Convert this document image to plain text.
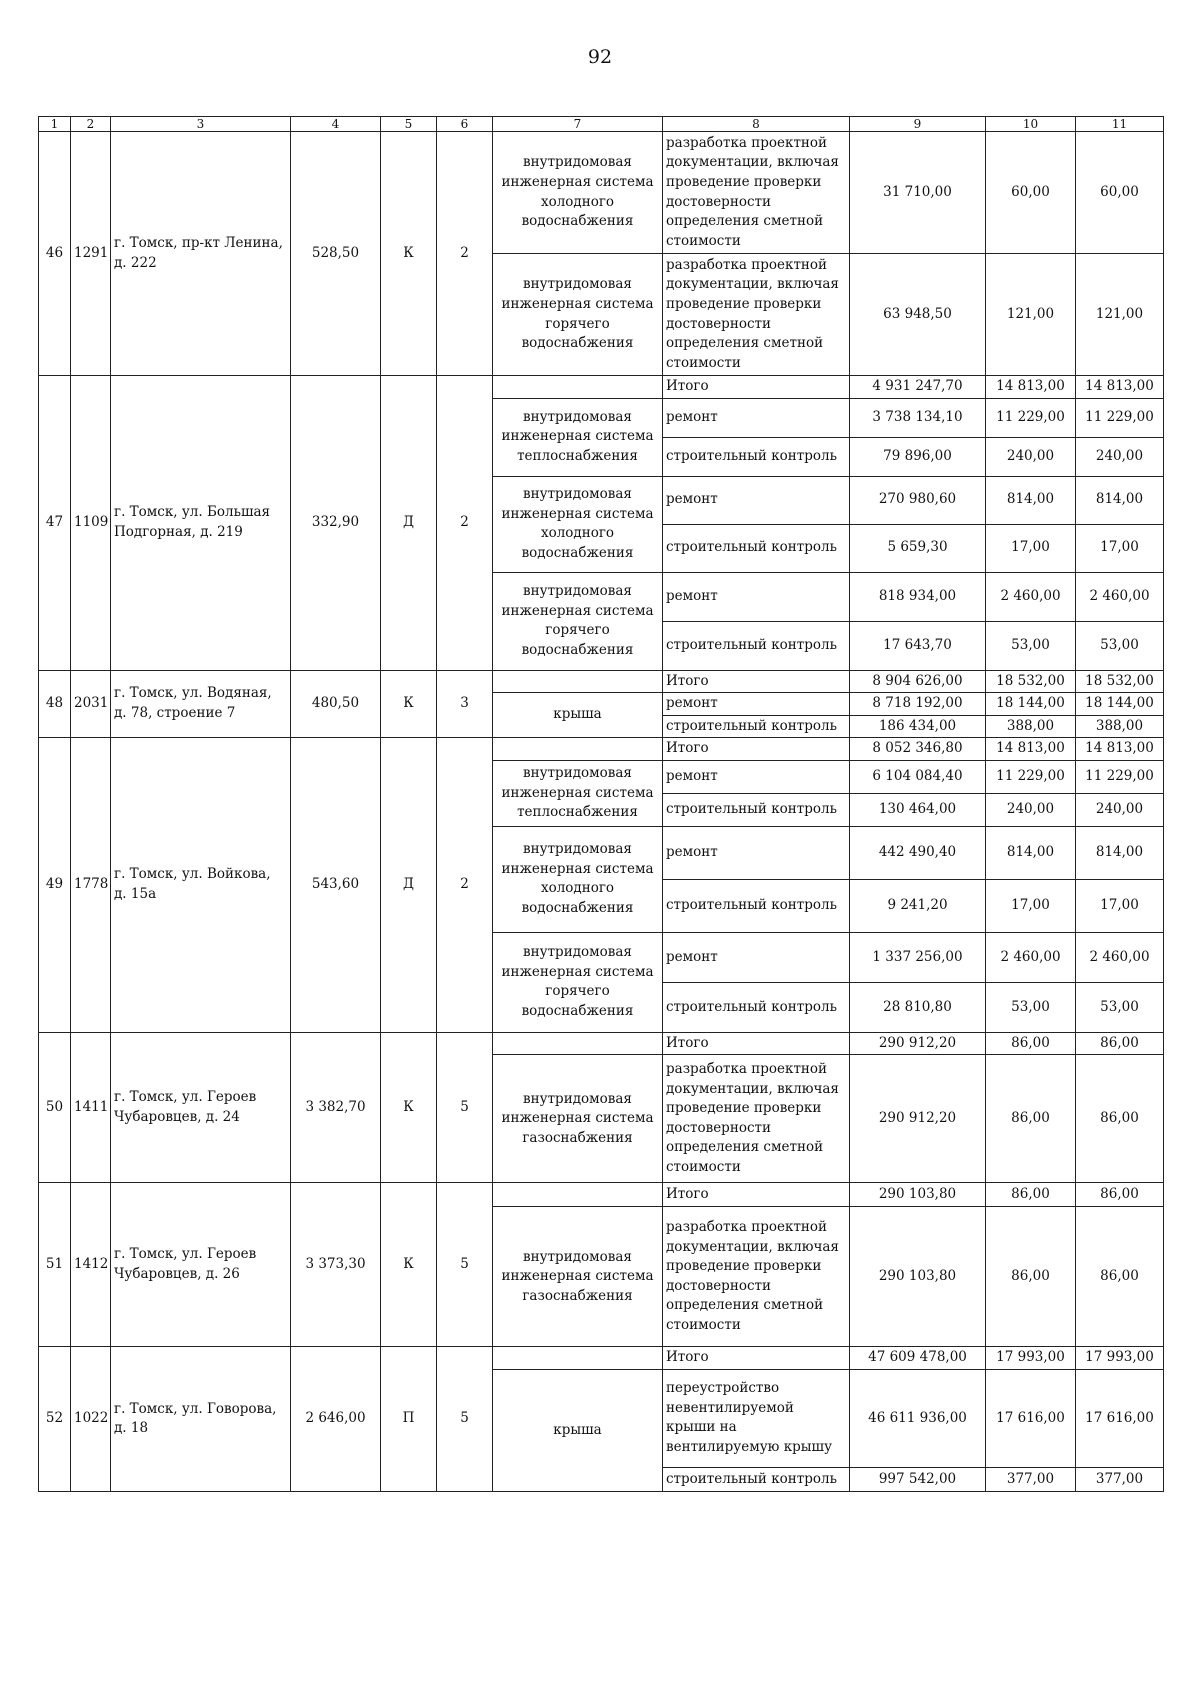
92
1	2	3	4	5	6	7	8	9	10	11
46	1291	г. Томск, пр-кт Ленина, д. 222	528,50	К	2	внутридомовая инженерная система холодного водоснабжения	разработка проектной документации, включая проведение проверки достоверности определения сметной стоимости	31 710,00	60,00	60,00
						внутридомовая инженерная система горячего водоснабжения	разработка проектной документации, включая проведение проверки достоверности определения сметной стоимости	63 948,50	121,00	121,00
47	1109	г. Томск, ул. Большая Подгорная, д. 219	332,90	Д	2		Итого	4 931 247,70	14 813,00	14 813,00
						внутридомовая инженерная система теплоснабжения	ремонт	3 738 134,10	11 229,00	11 229,00
							строительный контроль	79 896,00	240,00	240,00
						внутридомовая инженерная система холодного водоснабжения	ремонт	270 980,60	814,00	814,00
							строительный контроль	5 659,30	17,00	17,00
						внутридомовая инженерная система горячего водоснабжения	ремонт	818 934,00	2 460,00	2 460,00
							строительный контроль	17 643,70	53,00	53,00
48	2031	г. Томск, ул. Водяная, д. 78, строение 7	480,50	К	3		Итого	8 904 626,00	18 532,00	18 532,00
						крыша	ремонт	8 718 192,00	18 144,00	18 144,00
							строительный контроль	186 434,00	388,00	388,00
49	1778	г. Томск, ул. Войкова, д. 15а	543,60	Д	2		Итого	8 052 346,80	14 813,00	14 813,00
						внутридомовая инженерная система теплоснабжения	ремонт	6 104 084,40	11 229,00	11 229,00
							строительный контроль	130 464,00	240,00	240,00
						внутридомовая инженерная система холодного водоснабжения	ремонт	442 490,40	814,00	814,00
							строительный контроль	9 241,20	17,00	17,00
						внутридомовая инженерная система горячего водоснабжения	ремонт	1 337 256,00	2 460,00	2 460,00
							строительный контроль	28 810,80	53,00	53,00
50	1411	г. Томск, ул. Героев Чубаровцев, д. 24	3 382,70	К	5		Итого	290 912,20	86,00	86,00
						внутридомовая инженерная система газоснабжения	разработка проектной документации, включая проведение проверки достоверности определения сметной стоимости	290 912,20	86,00	86,00
51	1412	г. Томск, ул. Героев Чубаровцев, д. 26	3 373,30	К	5		Итого	290 103,80	86,00	86,00
						внутридомовая инженерная система газоснабжения	разработка проектной документации, включая проведение проверки достоверности определения сметной стоимости	290 103,80	86,00	86,00
52	1022	г. Томск, ул. Говорова, д. 18	2 646,00	П	5		Итого	47 609 478,00	17 993,00	17 993,00
						крыша	переустройство невентилируемой крыши на вентилируемую крышу	46 611 936,00	17 616,00	17 616,00
							строительный контроль	997 542,00	377,00	377,00
